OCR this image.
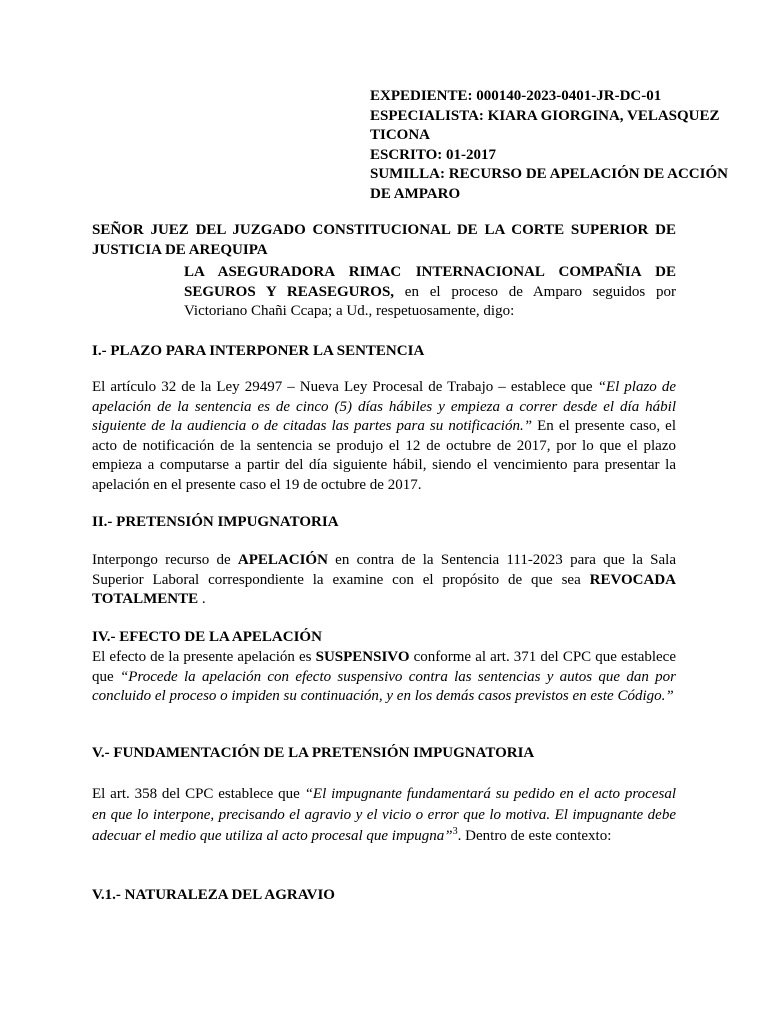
EXPEDIENTE: 000140-2023-0401-JR-DC-01
ESPECIALISTA: KIARA GIORGINA, VELASQUEZ TICONA
ESCRITO: 01-2017
SUMILLA: RECURSO DE APELACIÓN DE ACCIÓN DE AMPARO
SEÑOR JUEZ DEL JUZGADO CONSTITUCIONAL DE LA CORTE SUPERIOR DE JUSTICIA DE AREQUIPA
LA ASEGURADORA RIMAC INTERNACIONAL COMPAÑIA DE SEGUROS Y REASEGUROS, en el proceso de Amparo seguidos por Victoriano Chañi Ccapa; a Ud., respetuosamente, digo:
I.- PLAZO PARA INTERPONER LA SENTENCIA
El artículo 32 de la Ley 29497 – Nueva Ley Procesal de Trabajo – establece que “El plazo de apelación de la sentencia es de cinco (5) días hábiles y empieza a correr desde el día hábil siguiente de la audiencia o de citadas las partes para su notificación.” En el presente caso, el acto de notificación de la sentencia se produjo el 12 de octubre de 2017, por lo que el plazo empieza a computarse a partir del día siguiente hábil, siendo el vencimiento para presentar la apelación en el presente caso el 19 de octubre de 2017.
II.- PRETENSIÓN IMPUGNATORIA
Interpongo recurso de APELACIÓN en contra de la Sentencia 111-2023 para que la Sala Superior Laboral correspondiente la examine con el propósito de que sea REVOCADA TOTALMENTE .
IV.- EFECTO DE LA APELACIÓN
El efecto de la presente apelación es SUSPENSIVO conforme al art. 371 del CPC que establece que “Procede la apelación con efecto suspensivo contra las sentencias y autos que dan por concluido el proceso o impiden su continuación, y en los demás casos previstos en este Código.”
V.- FUNDAMENTACIÓN DE LA PRETENSIÓN IMPUGNATORIA
El art. 358 del CPC establece que “El impugnante fundamentará su pedido en el acto procesal en que lo interpone, precisando el agravio y el vicio o error que lo motiva. El impugnante debe adecuar el medio que utiliza al acto procesal que impugna”$^3$. Dentro de este contexto:
V.1.- NATURALEZA DEL AGRAVIO
